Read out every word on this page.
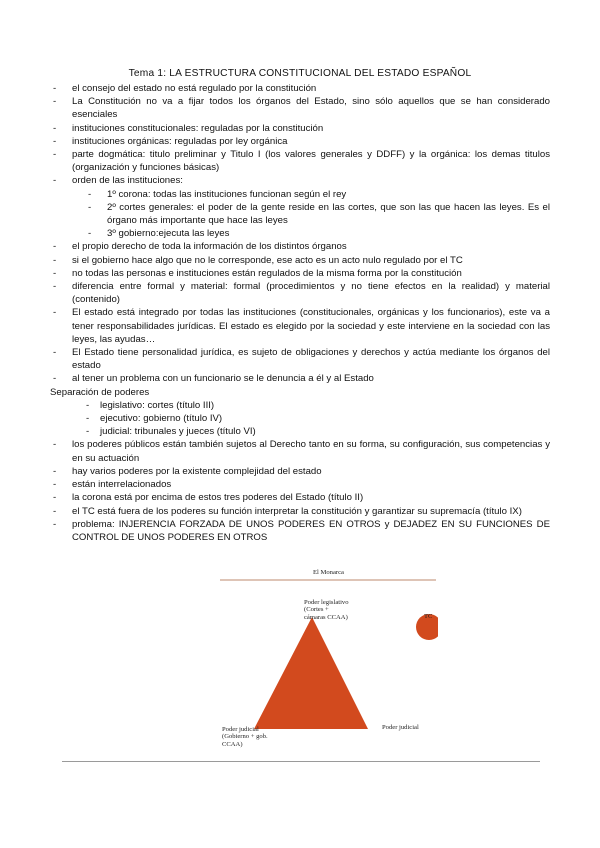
Tema 1: LA ESTRUCTURA CONSTITUCIONAL DEL ESTADO ESPAÑOL
- el consejo del estado no está regulado por la constitución
- La Constitución no va a fijar todos los órganos del Estado, sino sólo aquellos que se han considerado esenciales
- instituciones constitucionales: reguladas por la constitución
- instituciones orgánicas: reguladas por ley orgánica
- parte dogmática: titulo preliminar y Titulo I (los valores generales y DDFF) y la orgánica: los demas titulos (organización y funciones básicas)
- orden de las instituciones:
- 1º corona: todas las instituciones funcionan según el rey
- 2º cortes generales: el poder de la gente reside en las cortes, que son las que hacen las leyes. Es el órgano más importante que hace las leyes
- 3º gobierno:ejecuta las leyes
- el propio derecho de toda la información de los distintos órganos
- si el gobierno hace algo que no le corresponde, ese acto es un acto nulo regulado por el TC
- no todas las personas e instituciones están regulados de la misma forma por la constitución
- diferencia entre formal y material: formal (procedimientos y no tiene efectos en la realidad) y material (contenido)
- El estado está integrado por todas las instituciones (constitucionales, orgánicas y los funcionarios), este va a tener responsabilidades jurídicas. El estado es elegido por la sociedad y este interviene en la sociedad con las leyes, las ayudas…
- El Estado tiene personalidad jurídica, es sujeto de obligaciones y derechos y actúa mediante los órganos del estado
- al tener un problema con un funcionario se le denuncia a él y al Estado
Separación de poderes
- legislativo: cortes (título III)
- ejecutivo: gobierno (título IV)
- judicial: tribunales y jueces (título VI)
- los poderes públicos están también sujetos al Derecho tanto en su forma, su configuración, sus competencias y en su actuación
- hay varios poderes por la existente complejidad del estado
- están interrelacionados
- la corona está por encima de estos tres poderes del Estado (título II)
- el TC está fuera de los poderes su función interpretar la constitución y garantizar su supremacía (título IX)
- problema: INJERENCIA FORZADA DE UNOS PODERES EN OTROS y DEJADEZ EN SU FUNCIONES DE CONTROL DE UNOS PODERES EN OTROS
El Monarca
Poder legislativo
(Cortes +
cámaras CCAA)	TC
Poder judicial
(Gobierno + gob.
CCAA)
Poder judicial
